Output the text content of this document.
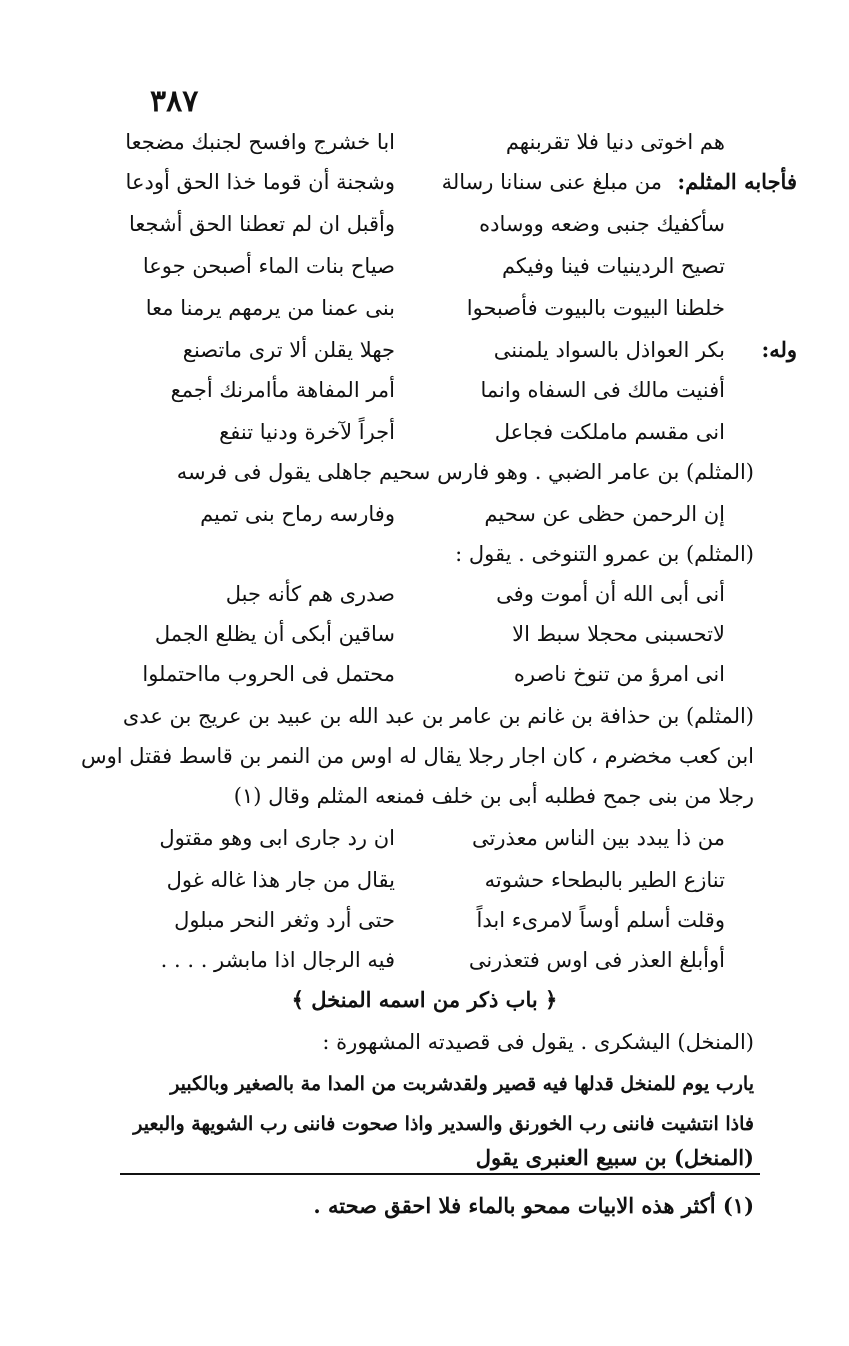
٣٨٧
هم اخوتى دنيا فلا تقربنهم
ابا خشرج وافسح لجنبك مضجعا
فأجابه المثلم:
من مبلغ عنى سنانا رسالة
وشجنة أن قوما خذا الحق أودعا
سأكفيك جنبى وضعه ووساده
وأقبل ان لم تعطنا الحق أشجعا
تصيح الردينيات فينا وفيكم
صياح بنات الماء أصبحن جوعا
خلطنا البيوت بالبيوت فأصبحوا
بنى عمنا من يرمهم يرمنا معا
وله:
بكر العواذل بالسواد يلمننى
جهلا يقلن ألا ترى ماتصنع
أفنيت مالك فى السفاه وانما
أمر المفاهة مأامرنك أجمع
انى مقسم ماملكت فجاعل
أجراً لآخرة ودنيا تنفع
(المثلم) بن عامر الضبي . وهو فارس سحيم جاهلى يقول فى فرسه
إن الرحمن حظى عن سحيم
وفارسه رماح بنى تميم
(المثلم) بن عمرو التنوخى . يقول :
أنى أبى الله أن أموت وفى
صدرى هم كأنه جبل
لاتحسبنى محجلا سبط الا
ساقين أبكى أن يظلع الجمل
انى امرؤ من تنوخ ناصره
محتمل فى الحروب مااحتملوا
(المثلم) بن حذافة بن غانم بن عامر بن عبد الله بن عبيد بن عريج بن عدى
ابن كعب مخضرم ، كان اجار رجلا يقال له اوس من النمر بن قاسط فقتل اوس
رجلا من بنى جمح فطلبه أبى بن خلف فمنعه المثلم وقال (١)
من ذا يبدد بين الناس معذرتى
ان رد جارى ابى وهو مقتول
تنازع الطير بالبطحاء حشوته
يقال من جار هذا غاله غول
وقلت أسلم أوساً لامرىء ابداً
حتى أرد وثغر النحر مبلول
أوأبلغ العذر فى اوس فتعذرنى
فيه الرجال اذا مابشر . . . .
﴿ باب ذكر من اسمه المنخل ﴾
(المنخل) اليشكرى . يقول فى قصيدته المشهورة :
يارب يوم للمنخل قدلها فيه قصير ولقدشربت من المدا مة بالصغير وبالكبير
فاذا انتشيت فاننى رب الخورنق والسدير واذا صحوت فاننى رب الشويهة والبعير
(المنخل) بن سبيع العنبرى يقول
(١) أكثر هذه الابيات ممحو بالماء فلا احقق صحته .
